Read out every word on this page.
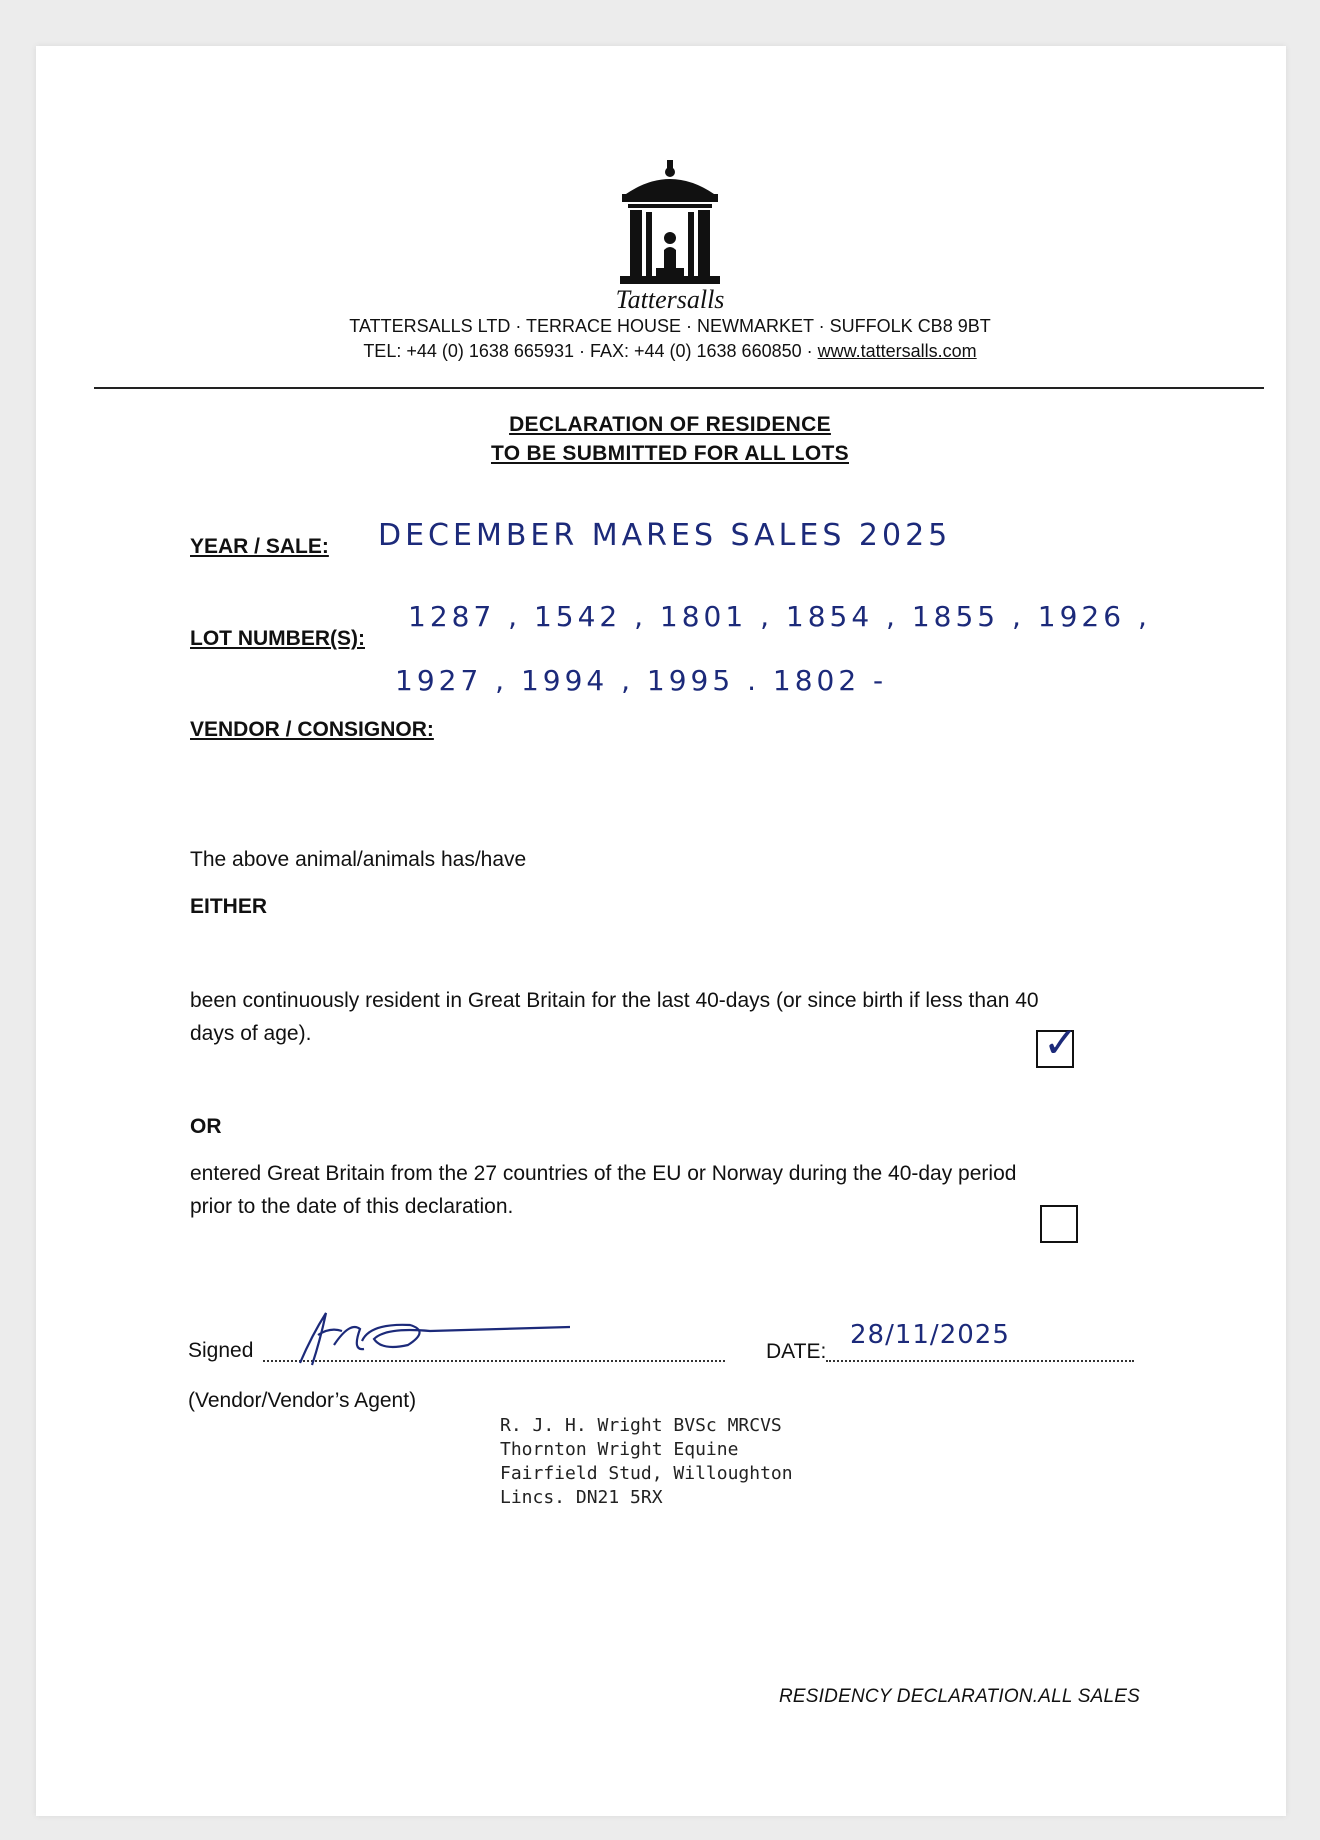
Tattersalls
TATTERSALLS LTD · TERRACE HOUSE · NEWMARKET · SUFFOLK CB8 9BT
TEL: +44 (0) 1638 665931 · FAX: +44 (0) 1638 660850 · www.tattersalls.com
DECLARATION OF RESIDENCE
TO BE SUBMITTED FOR ALL LOTS
YEAR / SALE: DECEMBER MARES SALES 2025
LOT NUMBER(S):
1287 , 1542 , 1801 , 1854 , 1855 , 1926 ,
1927 , 1994 , 1995 . 1802 -
VENDOR / CONSIGNOR:
The above animal/animals has/have
EITHER
been continuously resident in Great Britain for the last 40-days (or since birth if less than 40
days of age).	✓
OR
entered Great Britain from the 27 countries of the EU or Norway during the 40-day period
prior to the date of this declaration.
Signed	DATE:
28/11/2025
(Vendor/Vendor’s Agent)
R. J. H. Wright BVSc MRCVS
Thornton Wright Equine
Fairfield Stud, Willoughton
Lincs. DN21 5RX
RESIDENCY DECLARATION.ALL SALES
